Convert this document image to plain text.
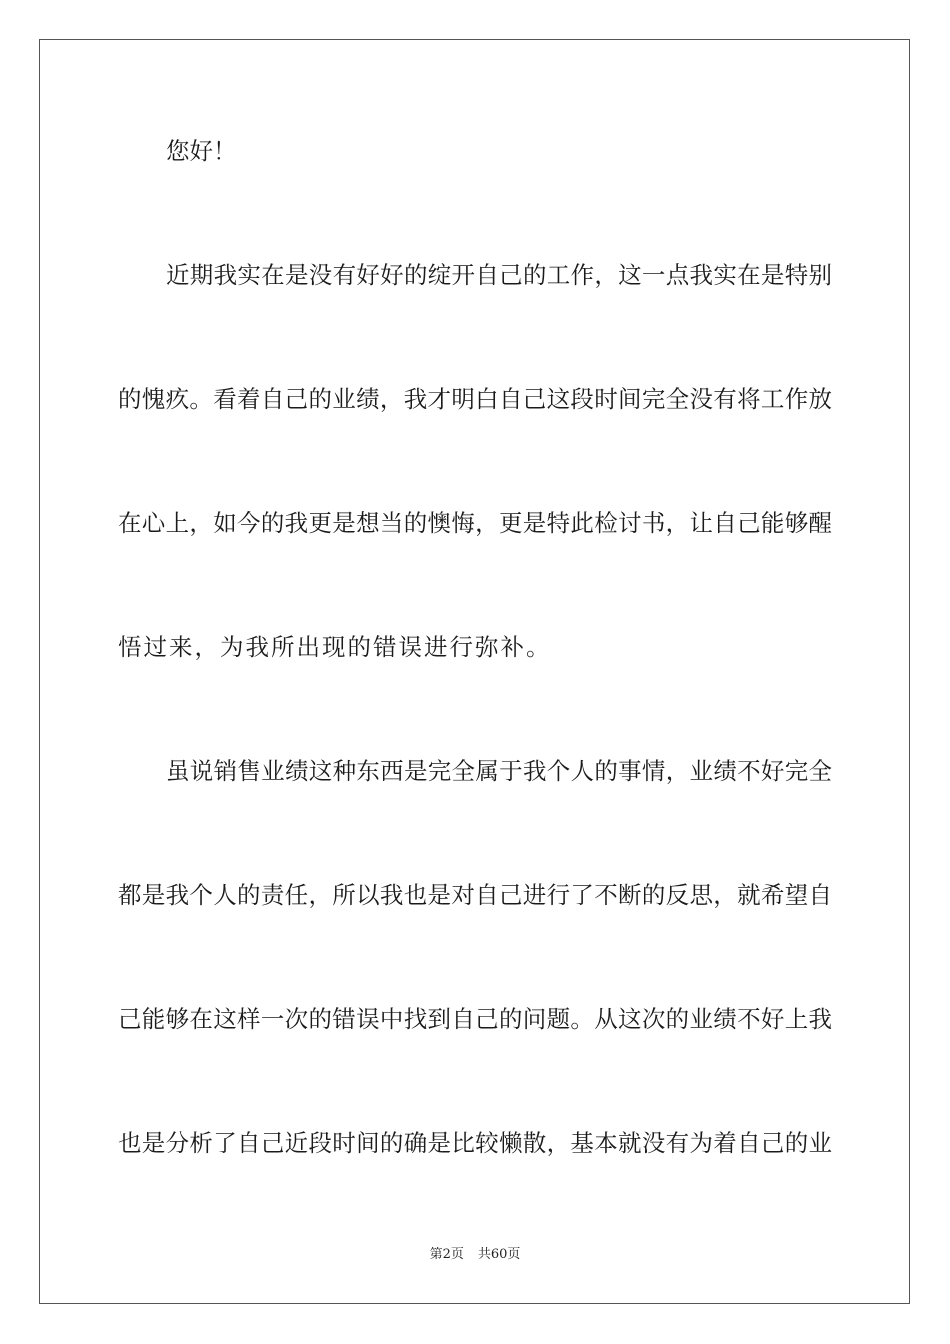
您好！
近期我实在是没有好好的绽开自己的工作，这一点我实在是特别
的愧疚。看着自己的业绩，我才明白自己这段时间完全没有将工作放
在心上，如今的我更是想当的懊悔，更是特此检讨书，让自己能够醒
悟过来，为我所出现的错误进行弥补。
虽说销售业绩这种东西是完全属于我个人的事情，业绩不好完全
都是我个人的责任，所以我也是对自己进行了不断的反思，就希望自
己能够在这样一次的错误中找到自己的问题。从这次的业绩不好上我
也是分析了自己近段时间的确是比较懒散，基本就没有为着自己的业
第2页 共60页
